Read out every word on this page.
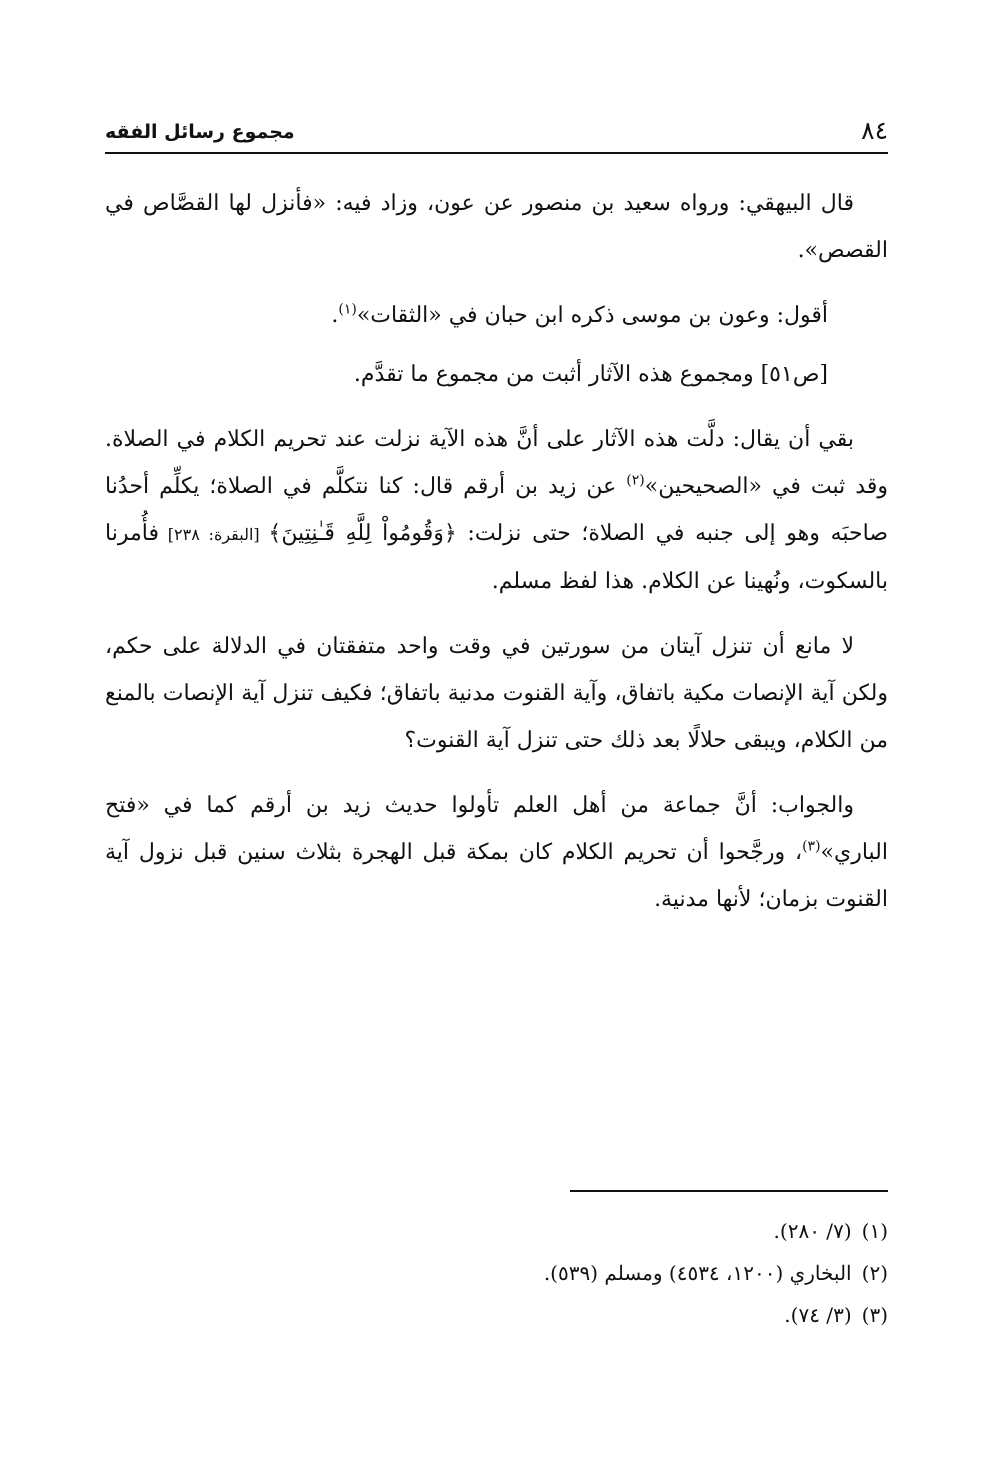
٨٤
مجموع رسائل الفقه

قال البيهقي: ورواه سعيد بن منصور عن عون، وزاد فيه: «فأنزل لها القصَّاص في القصص».

أقول: وعون بن موسى ذكره ابن حبان في «الثقات»$^{(١)}$.

[ص٥١] ومجموع هذه الآثار أثبت من مجموع ما تقدَّم.

بقي أن يقال: دلَّت هذه الآثار على أنَّ هذه الآية نزلت عند تحريم الكلام في الصلاة. وقد ثبت في «الصحيحين»$^{(٢)}$ عن زيد بن أرقم قال: كنا نتكلَّم في الصلاة؛ يكلِّم أحدُنا صاحبَه وهو إلى جنبه في الصلاة؛ حتى نزلت: ﴿وَقُومُواْ لِلَّهِ قَـٰنِتِينَ﴾ [البقرة: ٢٣٨] فأُمرنا بالسكوت، ونُهينا عن الكلام. هذا لفظ مسلم.

لا مانع أن تنزل آيتان من سورتين في وقت واحد متفقتان في الدلالة على حكم، ولكن آية الإنصات مكية باتفاق، وآية القنوت مدنية باتفاق؛ فكيف تنزل آية الإنصات بالمنع من الكلام، ويبقى حلالًا بعد ذلك حتى تنزل آية القنوت؟

والجواب: أنَّ جماعة من أهل العلم تأولوا حديث زيد بن أرقم كما في «فتح الباري»$^{(٣)}$، ورجَّحوا أن تحريم الكلام كان بمكة قبل الهجرة بثلاث سنين قبل نزول آية القنوت بزمان؛ لأنها مدنية.

(١)(٧/ ٢٨٠).
(٢)البخاري (١٢٠٠، ٤٥٣٤) ومسلم (٥٣٩).
(٣)(٣/ ٧٤).
